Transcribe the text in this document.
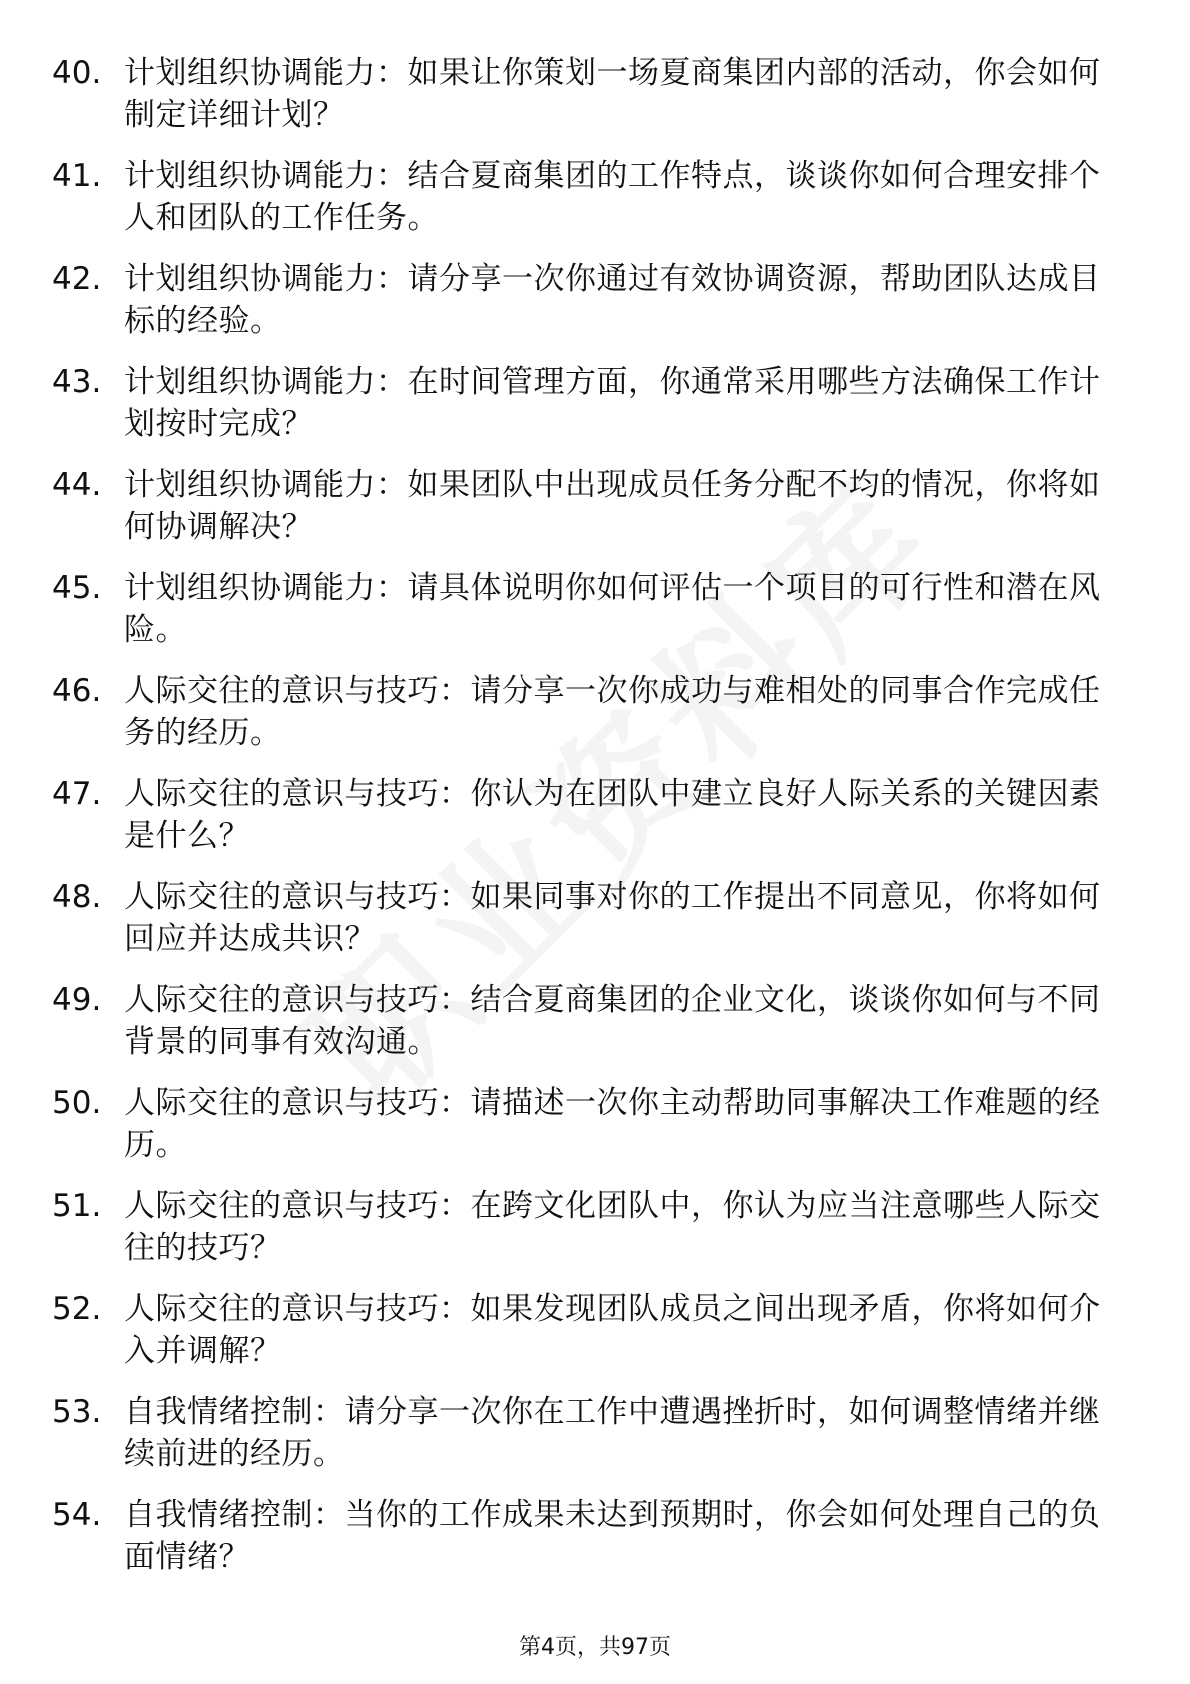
40. 计划组织协调能力：如果让你策划一场夏商集团内部的活动，你会如何制定详细计划？
41. 计划组织协调能力：结合夏商集团的工作特点，谈谈你如何合理安排个人和团队的工作任务。
42. 计划组织协调能力：请分享一次你通过有效协调资源，帮助团队达成目标的经验。
43. 计划组织协调能力：在时间管理方面，你通常采用哪些方法确保工作计划按时完成？
44. 计划组织协调能力：如果团队中出现成员任务分配不均的情况，你将如何协调解决？
45. 计划组织协调能力：请具体说明你如何评估一个项目的可行性和潜在风险。
46. 人际交往的意识与技巧：请分享一次你成功与难相处的同事合作完成任务的经历。
47. 人际交往的意识与技巧：你认为在团队中建立良好人际关系的关键因素是什么？
48. 人际交往的意识与技巧：如果同事对你的工作提出不同意见，你将如何回应并达成共识？
49. 人际交往的意识与技巧：结合夏商集团的企业文化，谈谈你如何与不同背景的同事有效沟通。
50. 人际交往的意识与技巧：请描述一次你主动帮助同事解决工作难题的经历。
51. 人际交往的意识与技巧：在跨文化团队中，你认为应当注意哪些人际交往的技巧？
52. 人际交往的意识与技巧：如果发现团队成员之间出现矛盾，你将如何介入并调解？
53. 自我情绪控制：请分享一次你在工作中遭遇挫折时，如何调整情绪并继续前进的经历。
54. 自我情绪控制：当你的工作成果未达到预期时，你会如何处理自己的负面情绪？
第4页，共97页
